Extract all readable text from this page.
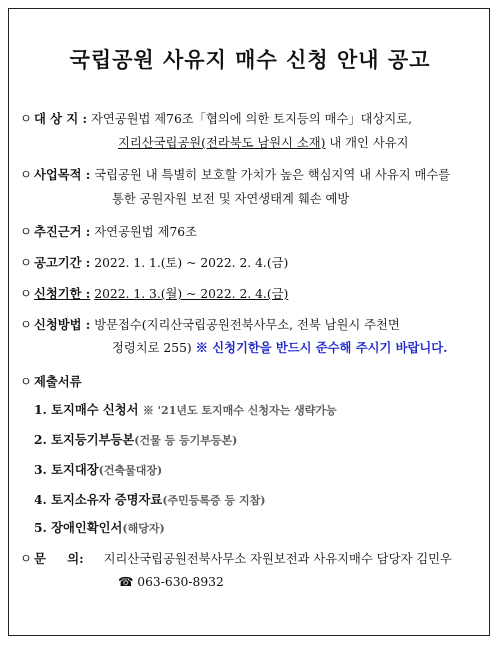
국립공원 사유지 매수 신청 안내 공고
ㅇ 대 상 지 : 자연공원법 제76조「협의에 의한 토지등의 매수」대상지로,
지리산국립공원(전라북도 남원시 소재) 내 개인 사유지
ㅇ 사업목적 : 국립공원 내 특별히 보호할 가치가 높은 핵심지역 내 사유지 매수를
통한 공원자원 보전 및 자연생태계 훼손 예방
ㅇ 추진근거 : 자연공원법 제76조
ㅇ 공고기간 : 2022. 1. 1.(토) ~ 2022. 2. 4.(금)
ㅇ 신청기한 : 2022. 1. 3.(월) ~ 2022. 2. 4.(금)
ㅇ 신청방법 : 방문접수(지리산국립공원전북사무소, 전북 남원시 주천면
정령치로 255) ※ 신청기한을 반드시 준수해 주시기 바랍니다.
ㅇ 제출서류
1. 토지매수 신청서 ※ '21년도 토지매수 신청자는 생략가능
2. 토지등기부등본(건물 등 등기부등본)
3. 토지대장(건축물대장)
4. 토지소유자 증명자료(주민등록증 등 지참)
5. 장애인확인서(해당자)
ㅇ 문     의: 지리산국립공원전북사무소 자원보전과 사유지매수 담당자 김민우
☎ 063-630-8932
